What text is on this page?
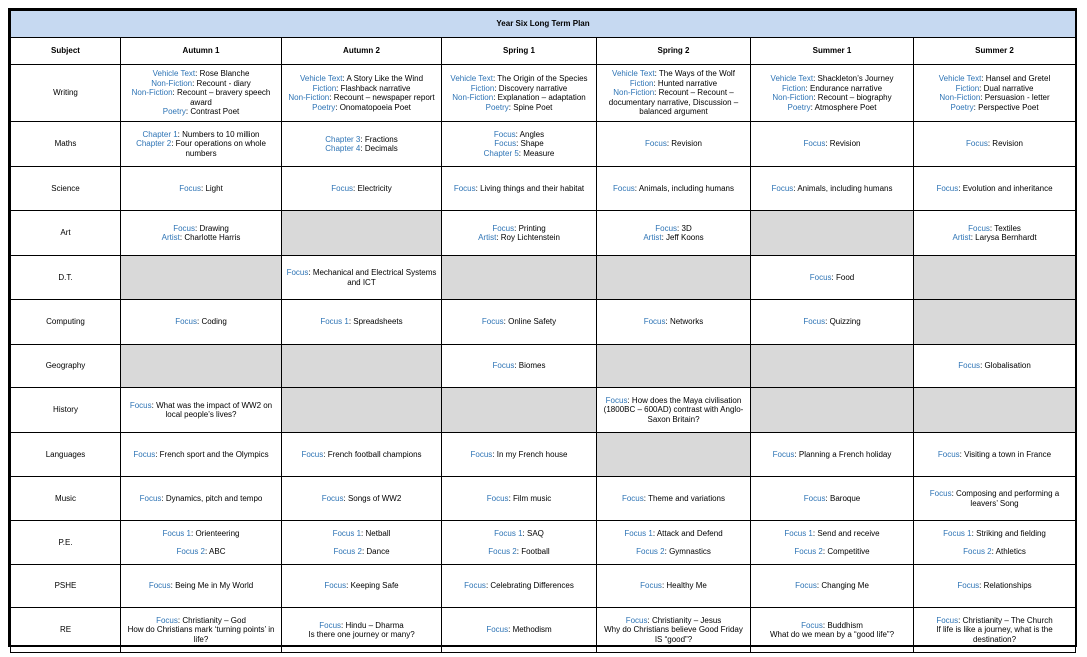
Year Six Long Term Plan						
Subject	Autumn 1	Autumn 2	Spring 1	Spring 2	Summer 1	Summer 2
Writing	Vehicle Text: Rose Blanche
Non-Fiction: Recount - diary
Non-Fiction: Recount – bravery speech award
Poetry: Contrast Poet	Vehicle Text: A Story Like the Wind
Fiction: Flashback narrative
Non-Fiction: Recount – newspaper report
Poetry: Onomatopoeia Poet	Vehicle Text: The Origin of the Species
Fiction: Discovery narrative
Non-Fiction: Explanation – adaptation
Poetry: Spine Poet	Vehicle Text: The Ways of the Wolf
Fiction: Hunted narrative
Non-Fiction: Recount – Recount – documentary narrative, Discussion – balanced argument	Vehicle Text: Shackleton’s Journey
Fiction: Endurance narrative
Non-Fiction: Recount – biography
Poetry: Atmosphere Poet	Vehicle Text: Hansel and Gretel
Fiction: Dual narrative
Non-Fiction: Persuasion - letter
Poetry: Perspective Poet

Maths	Chapter 1: Numbers to 10 million
Chapter 2: Four operations on whole numbers	Chapter 3: Fractions
Chapter 4: Decimals	Focus: Angles
Focus: Shape
Chapter 5: Measure	Focus: Revision	Focus: Revision	Focus: Revision

Science	Focus: Light	Focus: Electricity	Focus: Living things and their habitat	Focus: Animals, including humans	Focus: Animals, including humans	Focus: Evolution and inheritance

Art	Focus: Drawing
Artist: Charlotte Harris		Focus: Printing
Artist: Roy Lichtenstein	Focus: 3D
Artist: Jeff Koons		Focus: Textiles
Artist: Larysa Bernhardt

D.T.		Focus: Mechanical and Electrical Systems and ICT			Focus: Food	

Computing	Focus: Coding	Focus 1: Spreadsheets	Focus: Online Safety	Focus: Networks	Focus: Quizzing	

Geography			Focus: Biomes			Focus: Globalisation

History	Focus: What was the impact of WW2 on local people’s lives?			Focus: How does the Maya civilisation (1800BC – 600AD) contrast with Anglo-Saxon Britain?		

Languages	Focus: French sport and the Olympics	Focus: French football champions	Focus: In my French house		Focus: Planning a French holiday	Focus: Visiting a town in France

Music	Focus: Dynamics, pitch and tempo	Focus: Songs of WW2	Focus: Film music	Focus: Theme and variations	Focus: Baroque	Focus: Composing and performing a leavers’ Song

P.E.	Focus 1: Orienteering
Focus 2: ABC	Focus 1: Netball
Focus 2: Dance	Focus 1: SAQ
Focus 2: Football	Focus 1: Attack and Defend
Focus 2: Gymnastics	Focus 1: Send and receive
Focus 2: Competitive	Focus 1: Striking and fielding
Focus 2: Athletics

PSHE	Focus: Being Me in My World	Focus: Keeping Safe	Focus: Celebrating Differences	Focus: Healthy Me	Focus: Changing Me	Focus: Relationships

RE	Focus: Christianity – God
How do Christians mark ‘turning points’ in life?	Focus: Hindu – Dharma
Is there one journey or many?	Focus: Methodism	Focus: Christianity – Jesus
Why do Christians believe Good Friday IS “good”?	Focus: Buddhism
What do we mean by a “good life”?	Focus: Christianity – The Church
If life is like a journey, what is the destination?
